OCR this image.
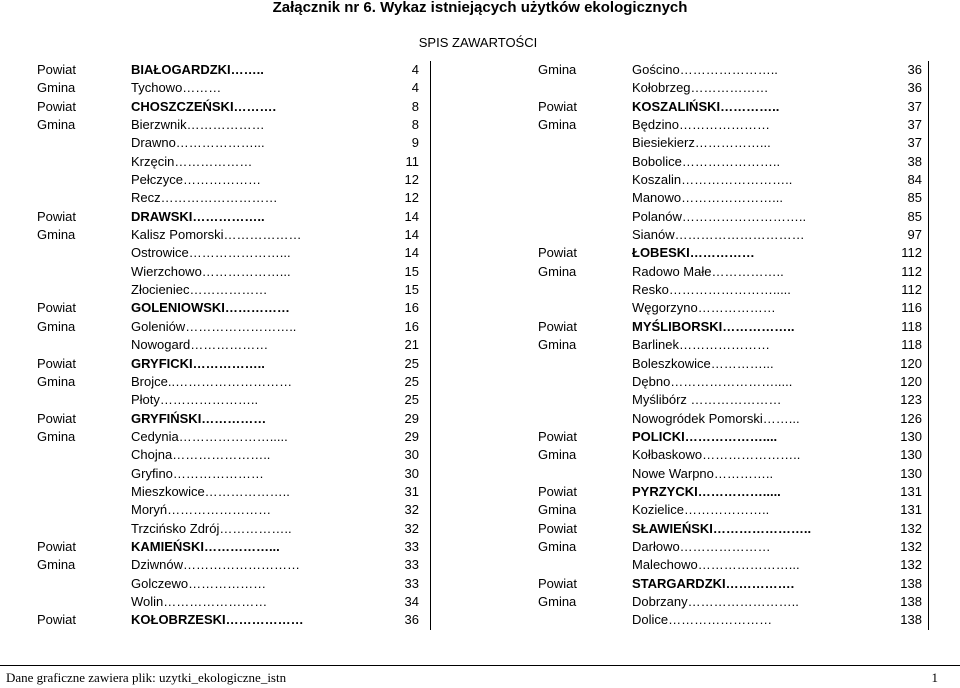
Załącznik nr 6. Wykaz istniejących użytków ekologicznych
SPIS ZAWARTOŚCI
Powiat	BIAŁOGARDZKI……..	4
Gmina	Tychowo………	4
Powiat	CHOSZCZEŃSKI……….	8
Gmina	Bierzwnik………………	8
Drawno………………...	9
Krzęcin………………	11
Pełczyce………………	12
Recz………………………	12
Powiat	DRAWSKI……………..	14
Gmina	Kalisz Pomorski………………	14
Ostrowice…………………...	14
Wierzchowo………………...	15
Złocieniec………………	15
Powiat	GOLENIOWSKI……………	16
Gmina	Goleniów……………………..	16
Nowogard………………	21
Powiat	GRYFICKI……………..	25
Gmina	Brojce..………………………	25
Płoty…………………..	25
Powiat	GRYFIŃSKI……………	29
Gmina	Cedynia………………….....	29
Chojna…………………..	30
Gryfino…………………	30
Mieszkowice………………..	31
Moryń……………………	32
Trzcińsko Zdrój……………..	32
Powiat	KAMIEŃSKI……………...	33
Gmina	Dziwnów………………………	33
Golczewo………………	33
Wolin……………………	34
Powiat	KOŁOBRZESKI………………	36
Gmina	Gościno…………………..	36
Kołobrzeg………………	36
Powiat	KOSZALIŃSKI…………..	37
Gmina	Będzino…………………	37
Biesiekierz……………...	37
Bobolice…………………..	38
Koszalin……………………..	84
Manowo…………………...	85
Polanów………………………..	85
Sianów…………………………	97
Powiat	ŁOBESKI……………	112
Gmina	Radowo Małe……………..	112
Resko…………………….....	112
Węgorzyno………………	116
Powiat	MYŚLIBORSKI……………..	118
Gmina	Barlinek…………………	118
Boleszkowice…………...	120
Dębno…………………….....	120
Myślibórz …………………	123
Nowogródek Pomorski……...	126
Powiat	POLICKI………………....	130
Gmina	Kołbaskowo…………………..	130
Nowe Warpno…………..	130
Powiat	PYRZYCKI…………….....	131
Gmina	Kozielice………………..	131
Powiat	SŁAWIEŃSKI…………………..	132
Gmina	Darłowo…………………	132
Malechowo…………………...	132
Powiat	STARGARDZKI…………….	138
Gmina	Dobrzany……………………..	138
Dolice……………………	138
Dane graficzne zawiera plik: uzytki_ekologiczne_istn	1
